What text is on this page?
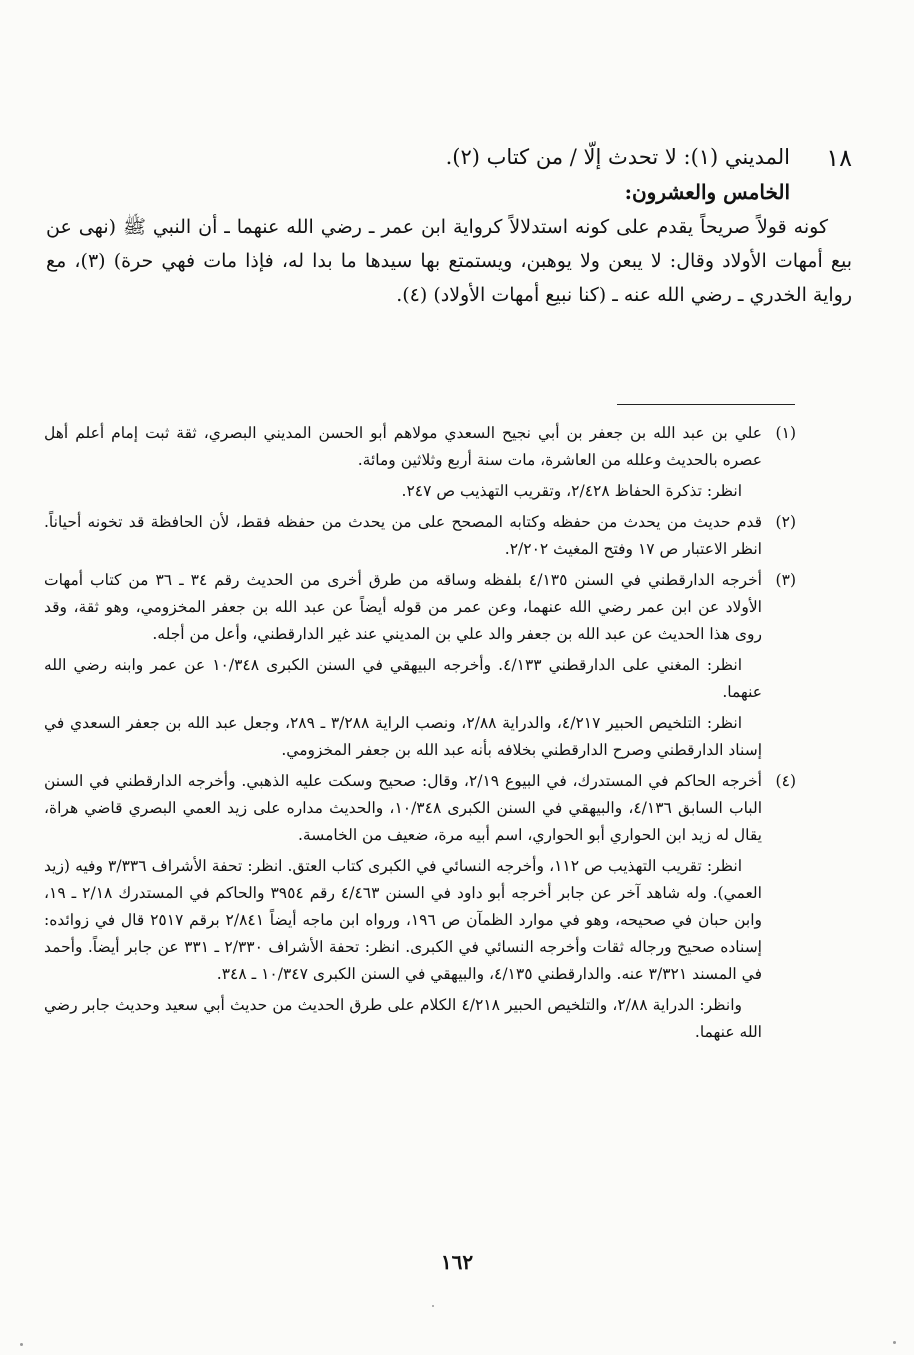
١٨

المديني (١): لا تحدث إلّا / من كتاب (٢).

الخامس والعشرون:

كونه قولاً صريحاً يقدم على كونه استدلالاً كرواية ابن عمر ـ رضي الله عنهما ـ أن النبي ﷺ (نهى عن بيع أمهات الأولاد وقال: لا يبعن ولا يوهبن، ويستمتع بها سيدها ما بدا له، فإذا مات فهي حرة) (٣)، مع رواية الخدري ـ رضي الله عنه ـ (كنا نبيع أمهات الأولاد) (٤).

(١)
علي بن عبد الله بن جعفر بن أبي نجيح السعدي مولاهم أبو الحسن المديني البصري، ثقة ثبت إمام أعلم أهل عصره بالحديث وعلله من العاشرة، مات سنة أربع وثلاثين ومائة.

انظر: تذكرة الحفاظ ٢/٤٢٨، وتقريب التهذيب ص ٢٤٧.

(٢)
قدم حديث من يحدث من حفظه وكتابه المصحح على من يحدث من حفظه فقط، لأن الحافظة قد تخونه أحياناً. انظر الاعتبار ص ١٧ وفتح المغيث ٢/٢٠٢.

(٣)
أخرجه الدارقطني في السنن ٤/١٣٥ بلفظه وساقه من طرق أخرى من الحديث رقم ٣٤ ـ ٣٦ من كتاب أمهات الأولاد عن ابن عمر رضي الله عنهما، وعن عمر من قوله أيضاً عن عبد الله بن جعفر المخزومي، وهو ثقة، وقد روى هذا الحديث عن عبد الله بن جعفر والد علي بن المديني عند غير الدارقطني، وأعل من أجله.

انظر: المغني على الدارقطني ٤/١٣٣. وأخرجه البيهقي في السنن الكبرى ١٠/٣٤٨ عن عمر وابنه رضي الله عنهما.

انظر: التلخيص الحبير ٤/٢١٧، والدراية ٢/٨٨، ونصب الراية ٣/٢٨٨ ـ ٢٨٩، وجعل عبد الله بن جعفر السعدي في إسناد الدارقطني وصرح الدارقطني بخلافه بأنه عبد الله بن جعفر المخزومي.

(٤)
أخرجه الحاكم في المستدرك، في البيوع ٢/١٩، وقال: صحيح وسكت عليه الذهبي. وأخرجه الدارقطني في السنن الباب السابق ٤/١٣٦، والبيهقي في السنن الكبرى ١٠/٣٤٨، والحديث مداره على زيد العمي البصري قاضي هراة، يقال له زيد ابن الحواري أبو الحواري، اسم أبيه مرة، ضعيف من الخامسة.

انظر: تقريب التهذيب ص ١١٢، وأخرجه النسائي في الكبرى كتاب العتق. انظر: تحفة الأشراف ٣/٣٣٦ وفيه (زيد العمي). وله شاهد آخر عن جابر أخرجه أبو داود في السنن ٤/٤٦٣ رقم ٣٩٥٤ والحاكم في المستدرك ٢/١٨ ـ ١٩، وابن حبان في صحيحه، وهو في موارد الظمآن ص ١٩٦، ورواه ابن ماجه أيضاً ٢/٨٤١ برقم ٢٥١٧ قال في زوائده: إسناده صحيح ورجاله ثقات وأخرجه النسائي في الكبرى. انظر: تحفة الأشراف ٢/٣٣٠ ـ ٣٣١ عن جابر أيضاً. وأحمد في المسند ٣/٣٢١ عنه. والدارقطني ٤/١٣٥، والبيهقي في السنن الكبرى ١٠/٣٤٧ ـ ٣٤٨.

وانظر: الدراية ٢/٨٨، والتلخيص الحبير ٤/٢١٨ الكلام على طرق الحديث من حديث أبي سعيد وحديث جابر رضي الله عنهما.

١٦٢
